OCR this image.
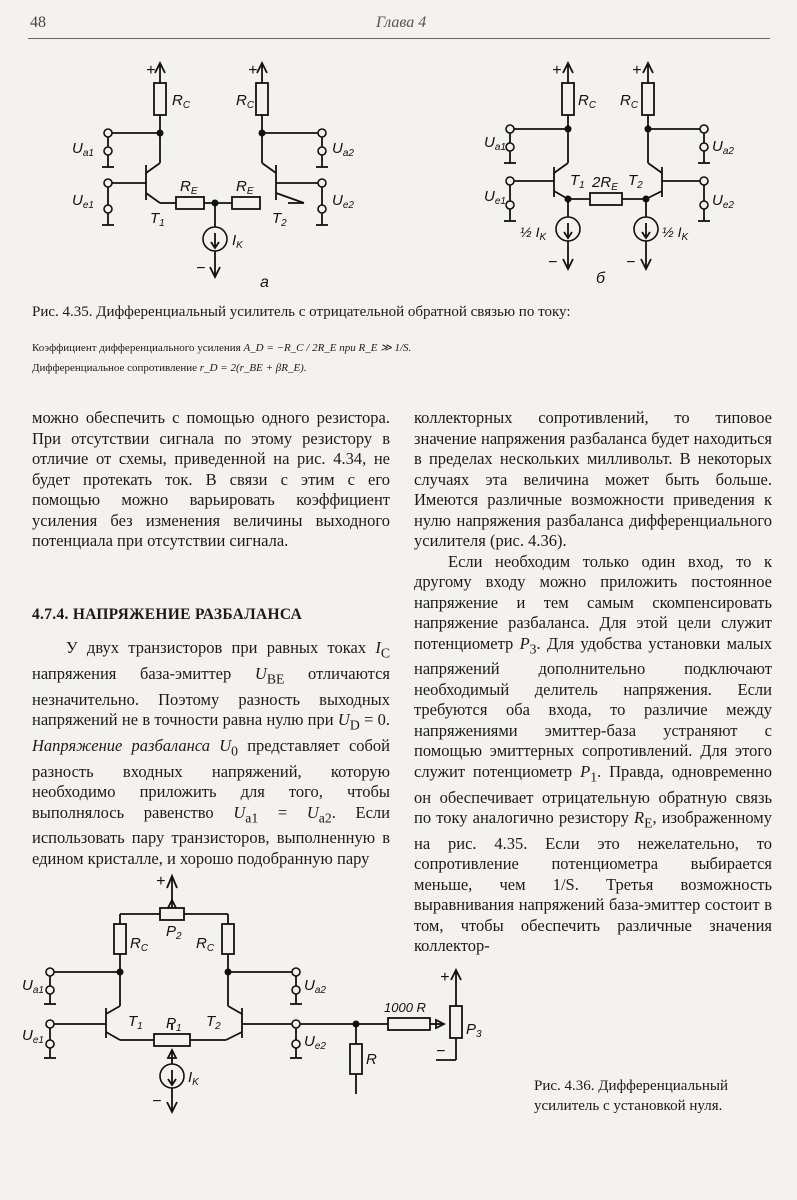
48	Глава 4
+	+
$R_C$	$R_C$
$U_{a1}$	$U_{a2}$
$U_{e1}$	$U_{e2}$
$R_E$	$R_E$
$T_1$	$T_2$
$I_K$
−
а
+	+
$R_C$ $R_C$
$U_{a1}$	$U_{a2}$
$U_{e1}$	$U_{e2}$
$T_1$ $2R_E$ $T_2$
½ $I_K$	½ $I_K$
−	−
б
Рис. 4.35. Дифференциальный усилитель с отрицательной обратной связью по току:
Коэффициент дифференциального усиления A_D = −R_C / 2R_E при R_E ≫ 1/S.
Дифференциальное сопротивление r_D = 2(r_BE + βR_E).

можно обеспечить с помощью одного резистора. При отсутствии сигнала по этому резистору в отличие от схемы, приведенной на рис. 4.34, не будет протекать ток. В связи с этим с его помощью можно варьировать коэффициент усиления без изменения величины выходного потенциала при отсутствии сигнала.

4.7.4. НАПРЯЖЕНИЕ РАЗБАЛАНСА

У двух транзисторов при равных токах $I_C$ напряжения база-эмиттер $U_{BE}$ отличаются незначительно. Поэтому разность выходных напряжений не в точности равна нулю при $U_D = 0$. Напряжение разбаланса $U_0$ представляет собой разность входных напряжений, которую необходимо приложить для того, чтобы выполнялось равенство $U_{a1} = U_{a2}$. Если использовать пару транзисторов, выполненную в едином кристалле, и хорошо подобранную пару

коллекторных сопротивлений, то типовое значение напряжения разбаланса будет находиться в пределах нескольких милливольт. В некоторых случаях эта величина может быть больше. Имеются различные возможности приведения к нулю напряжения разбаланса дифференциального усилителя (рис. 4.36).

Если необходим только один вход, то к другому входу можно приложить постоянное напряжение и тем самым скомпенсировать напряжение разбаланса. Для этой цели служит потенциометр $P_3$. Для удобства установки малых напряжений дополнительно подключают необходимый делитель напряжения. Если требуются оба входа, то различие между напряжениями эмиттер-база устраняют с помощью эмиттерных сопротивлений. Для этого служит потенциометр $P_1$. Правда, одновременно он обеспечивает отрицательную обратную связь по току аналогично резистору $R_E$, изображенному на рис. 4.35. Если это нежелательно, то сопротивление потенциометра выбирается меньше, чем 1/S. Третья возможность выравнивания напряжений база-эмиттер состоит в том, чтобы обеспечить различные значения коллектор-

+
$P_2$
$R_C$	$R_C$
$U_{a1}$	$U_{a2}$
$U_{e1}$	$U_{e2}$
$T_1$	$T_2$
$P_1$
$I_K$
−
1000 R
R
+
$P_3$
−
Рис. 4.36. Дифференциальный
усилитель с установкой нуля.
